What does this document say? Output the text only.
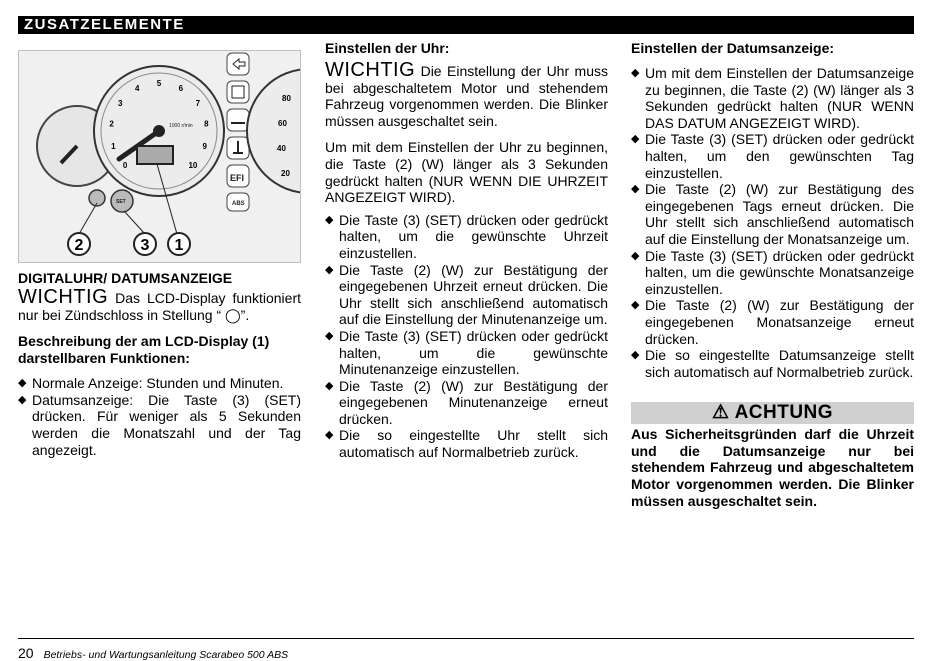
ZUSATZELEMENTE
0
1
2
3
4
5
6
7
8
9
10
1000 r/min
EFI
ABS
20
40
60
80
SET
2	3 1
DIGITALUHR/ DATUMSANZEIGE

WICHTIG Das LCD-Display funktioniert nur bei Zündschloss in Stellung “ ◯”.

Beschreibung der am LCD-Display (1) darstellbaren Funktionen:
◆ Normale Anzeige: Stunden und Minuten.
◆ Datumsanzeige: Die Taste (3) (SET) drücken. Für weniger als 5 Sekunden werden die Monatszahl und der Tag angezeigt.
Einstellen der Uhr:

WICHTIG Die Einstellung der Uhr muss bei abgeschaltetem Motor und stehendem Fahrzeug vorgenommen werden. Die Blinker müssen ausgeschaltet sein.

Um mit dem Einstellen der Uhr zu beginnen, die Taste (2) (W) länger als 3 Sekunden gedrückt halten (NUR WENN DIE UHRZEIT ANGEZEIGT WIRD).

◆ Die Taste (3) (SET) drücken oder gedrückt halten, um die gewünschte Uhrzeit einzustellen.
◆ Die Taste (2) (W) zur Bestätigung der eingegebenen Uhrzeit erneut drücken. Die Uhr stellt sich anschließend automatisch auf die Einstellung der Minutenanzeige um.
◆ Die Taste (3) (SET) drücken oder gedrückt halten, um die gewünschte Minutenanzeige einzustellen.
◆ Die Taste (2) (W) zur Bestätigung der eingegebenen Minutenanzeige erneut drücken.
◆ Die so eingestellte Uhr stellt sich automatisch auf Normalbetrieb zurück.
Einstellen der Datumsanzeige:
◆ Um mit dem Einstellen der Datumsanzeige zu beginnen, die Taste (2) (W) länger als 3 Sekunden gedrückt halten (NUR WENN DAS DATUM ANGEZEIGT WIRD).
◆ Die Taste (3) (SET) drücken oder gedrückt halten, um den gewünschten Tag einzustellen.
◆ Die Taste (2) (W) zur Bestätigung des eingegebenen Tags erneut drücken. Die Uhr stellt sich anschließend automatisch auf die Einstellung der Monatsanzeige um.
◆ Die Taste (3) (SET) drücken oder gedrückt halten, um die gewünschte Monatsanzeige einzustellen.
◆ Die Taste (2) (W) zur Bestätigung der eingegebenen Monatsanzeige erneut drücken.
◆ Die so eingestellte Datumsanzeige stellt sich automatisch auf Normalbetrieb zurück.
⚠ ACHTUNG

Aus Sicherheitsgründen darf die Uhrzeit und die Datumsanzeige nur bei stehendem Fahrzeug und abgeschaltetem Motor vorgenommen werden. Die Blinker müssen ausgeschaltet sein.

20 Betriebs- und Wartungsanleitung Scarabeo 500 ABS
